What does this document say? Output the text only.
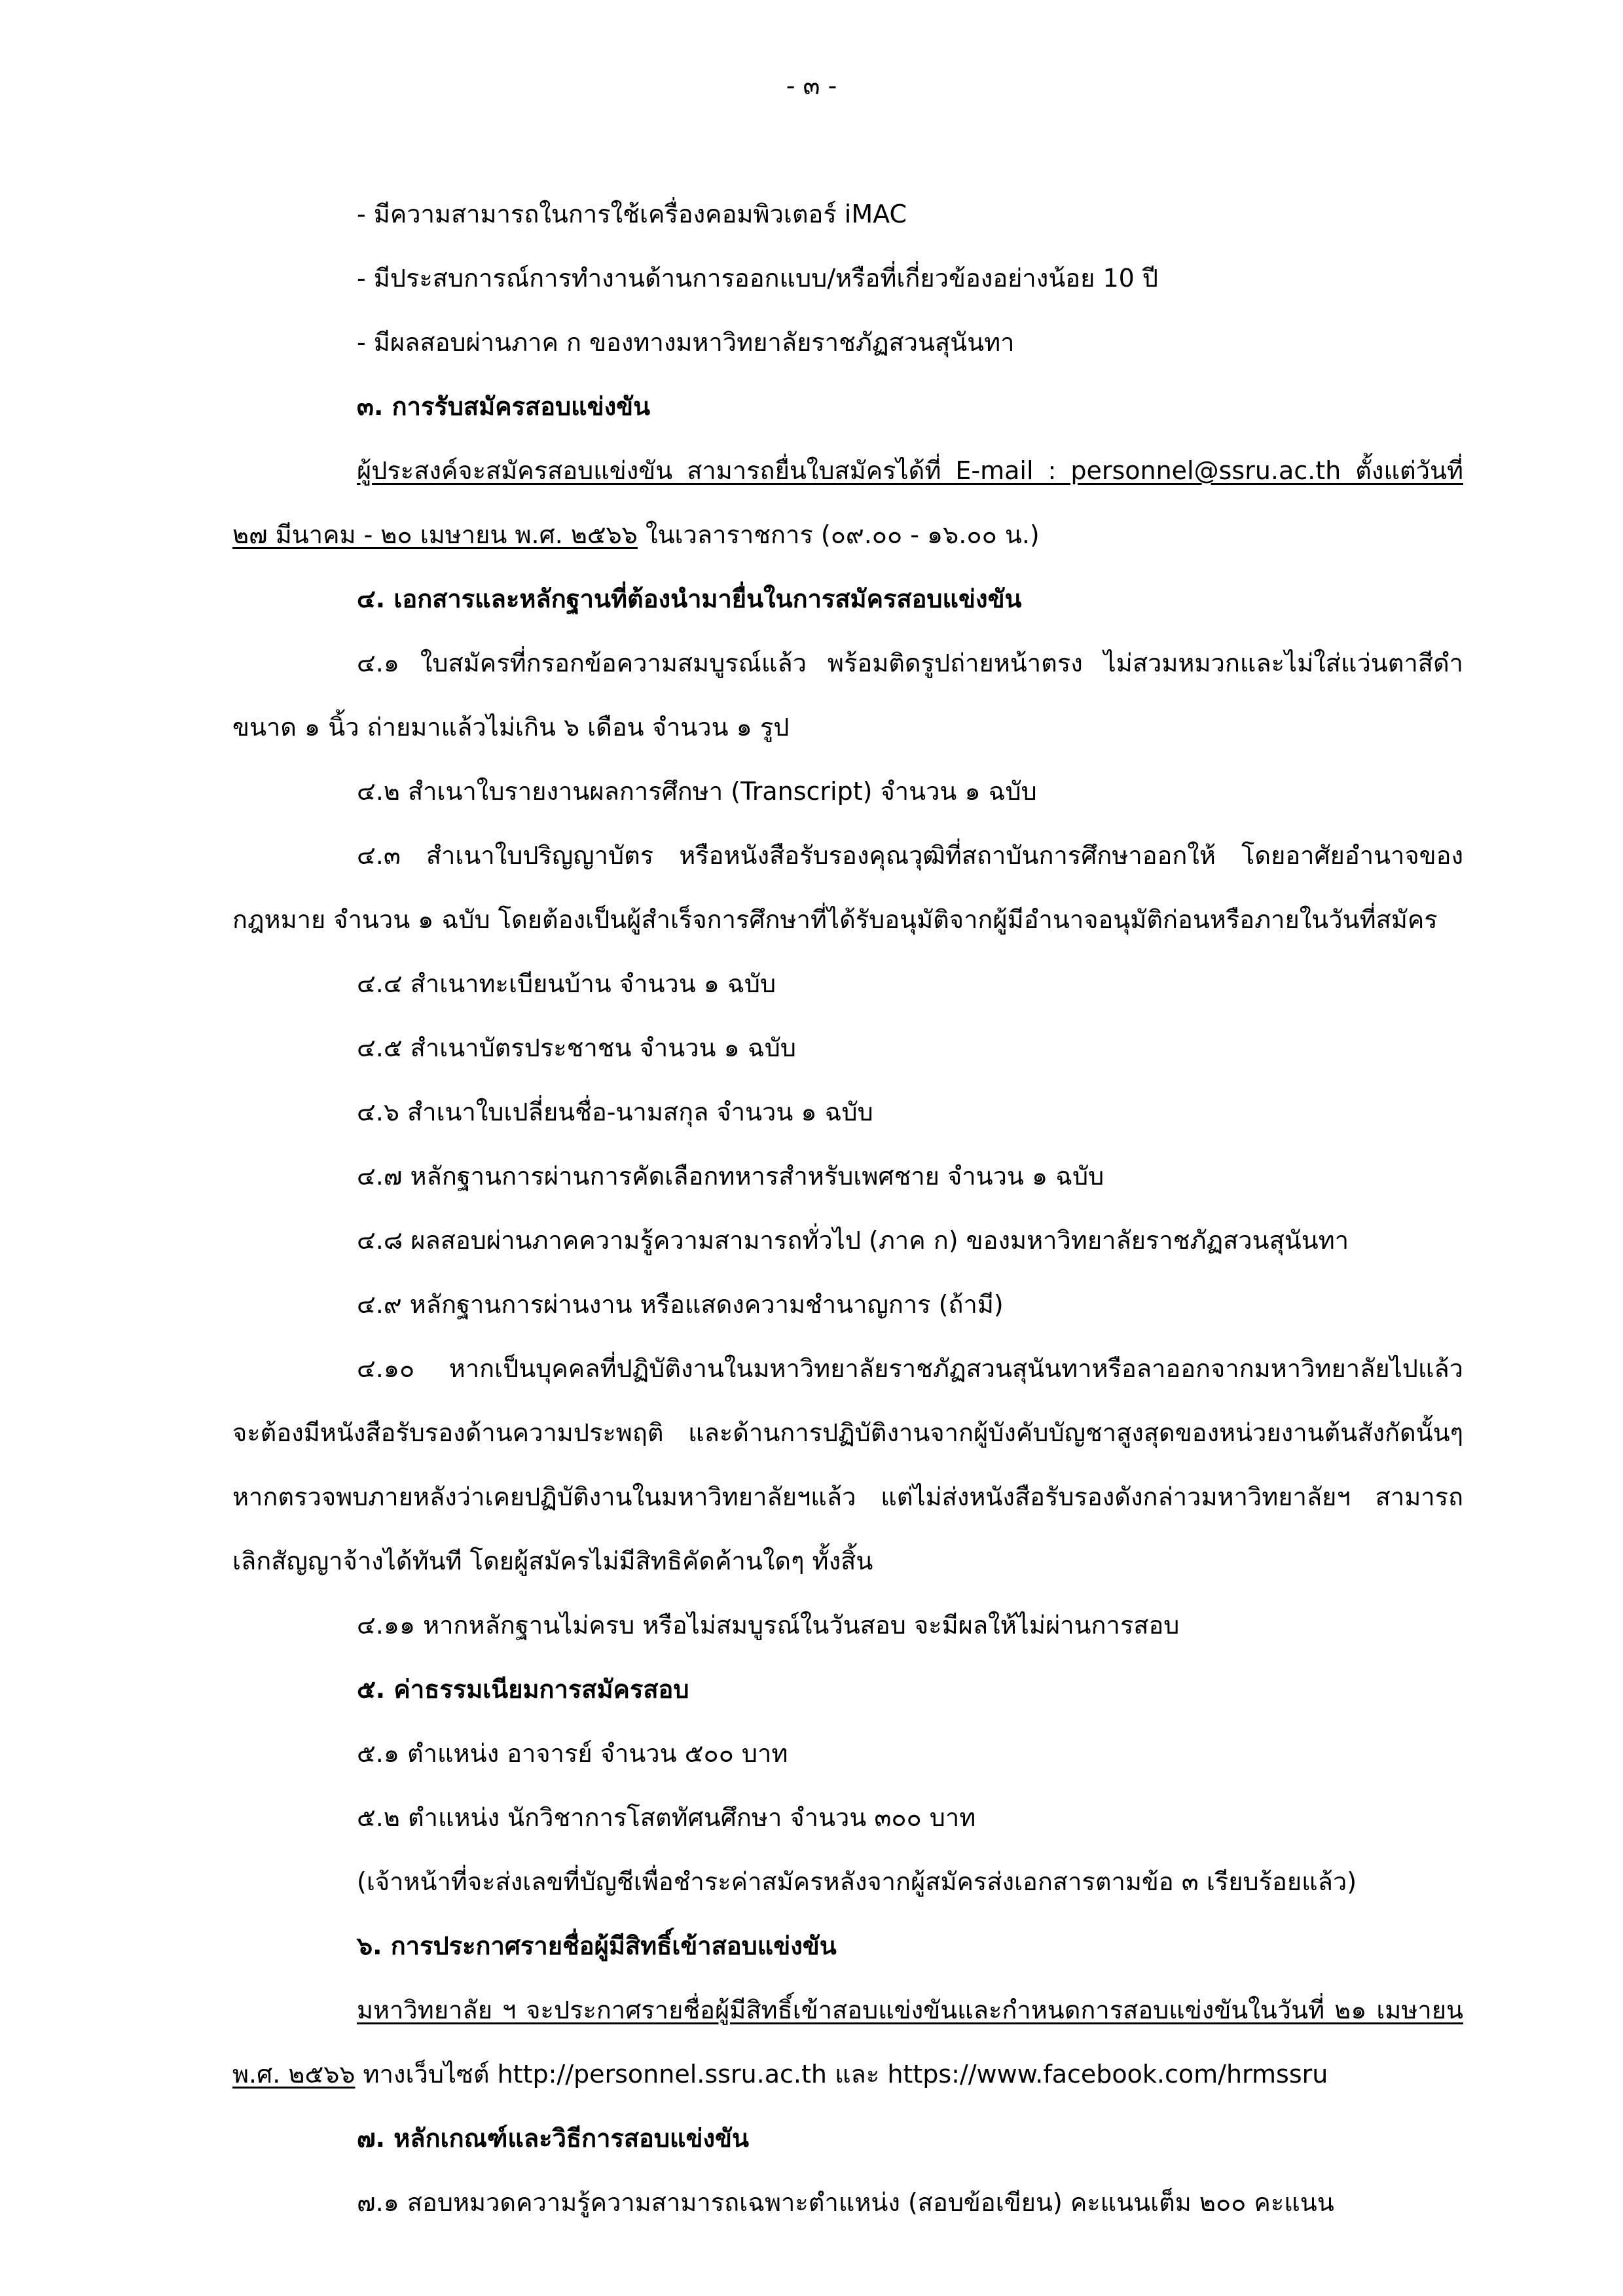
- ๓ -

- มีความสามารถในการใช้เครื่องคอมพิวเตอร์ iMAC

- มีประสบการณ์การทำงานด้านการออกแบบ/หรือที่เกี่ยวข้องอย่างน้อย 10 ปี

- มีผลสอบผ่านภาค ก ของทางมหาวิทยาลัยราชภัฏสวนสุนันทา

๓. การรับสมัครสอบแข่งขัน

ผู้ประสงค์จะสมัครสอบแข่งขัน สามารถยื่นใบสมัครได้ที่ E-mail : personnel@ssru.ac.th ตั้งแต่วันที่ ๒๗ มีนาคม - ๒๐ เมษายน พ.ศ. ๒๕๖๖ ในเวลาราชการ (๐๙.๐๐ - ๑๖.๐๐ น.)

๔. เอกสารและหลักฐานที่ต้องนำมายื่นในการสมัครสอบแข่งขัน

๔.๑ ใบสมัครที่กรอกข้อความสมบูรณ์แล้ว พร้อมติดรูปถ่ายหน้าตรง ไม่สวมหมวกและไม่ใส่แว่นตาสีดำ ขนาด ๑ นิ้ว ถ่ายมาแล้วไม่เกิน ๖ เดือน จำนวน ๑ รูป

๔.๒ สำเนาใบรายงานผลการศึกษา (Transcript) จำนวน ๑ ฉบับ

๔.๓ สำเนาใบปริญญาบัตร หรือหนังสือรับรองคุณวุฒิที่สถาบันการศึกษาออกให้ โดยอาศัยอำนาจของกฎหมาย จำนวน ๑ ฉบับ โดยต้องเป็นผู้สำเร็จการศึกษาที่ได้รับอนุมัติจากผู้มีอำนาจอนุมัติก่อนหรือภายในวันที่สมัคร

๔.๔ สำเนาทะเบียนบ้าน จำนวน ๑ ฉบับ

๔.๕ สำเนาบัตรประชาชน จำนวน ๑ ฉบับ

๔.๖ สำเนาใบเปลี่ยนชื่อ-นามสกุล จำนวน ๑ ฉบับ

๔.๗ หลักฐานการผ่านการคัดเลือกทหารสำหรับเพศชาย จำนวน ๑ ฉบับ

๔.๘ ผลสอบผ่านภาคความรู้ความสามารถทั่วไป (ภาค ก) ของมหาวิทยาลัยราชภัฏสวนสุนันทา

๔.๙ หลักฐานการผ่านงาน หรือแสดงความชำนาญการ (ถ้ามี)

๔.๑๐ หากเป็นบุคคลที่ปฏิบัติงานในมหาวิทยาลัยราชภัฏสวนสุนันทาหรือลาออกจากมหาวิทยาลัยไปแล้วจะต้องมีหนังสือรับรองด้านความประพฤติ และด้านการปฏิบัติงานจากผู้บังคับบัญชาสูงสุดของหน่วยงานต้นสังกัดนั้นๆ หากตรวจพบภายหลังว่าเคยปฏิบัติงานในมหาวิทยาลัยฯแล้ว แต่ไม่ส่งหนังสือรับรองดังกล่าวมหาวิทยาลัยฯ สามารถเลิกสัญญาจ้างได้ทันที โดยผู้สมัครไม่มีสิทธิคัดค้านใดๆ ทั้งสิ้น

๔.๑๑ หากหลักฐานไม่ครบ หรือไม่สมบูรณ์ในวันสอบ จะมีผลให้ไม่ผ่านการสอบ

๕. ค่าธรรมเนียมการสมัครสอบ

๕.๑ ตำแหน่ง อาจารย์ จำนวน ๕๐๐ บาท

๕.๒ ตำแหน่ง นักวิชาการโสตทัศนศึกษา จำนวน ๓๐๐ บาท

(เจ้าหน้าที่จะส่งเลขที่บัญชีเพื่อชำระค่าสมัครหลังจากผู้สมัครส่งเอกสารตามข้อ ๓ เรียบร้อยแล้ว)

๖. การประกาศรายชื่อผู้มีสิทธิ์เข้าสอบแข่งขัน

มหาวิทยาลัย ฯ จะประกาศรายชื่อผู้มีสิทธิ์เข้าสอบแข่งขันและกำหนดการสอบแข่งขันในวันที่ ๒๑ เมษายน พ.ศ. ๒๕๖๖ ทางเว็บไซต์ http://personnel.ssru.ac.th และ https://www.facebook.com/hrmssru

๗. หลักเกณฑ์และวิธีการสอบแข่งขัน

๗.๑ สอบหมวดความรู้ความสามารถเฉพาะตำแหน่ง (สอบข้อเขียน) คะแนนเต็ม ๒๐๐ คะแนน
